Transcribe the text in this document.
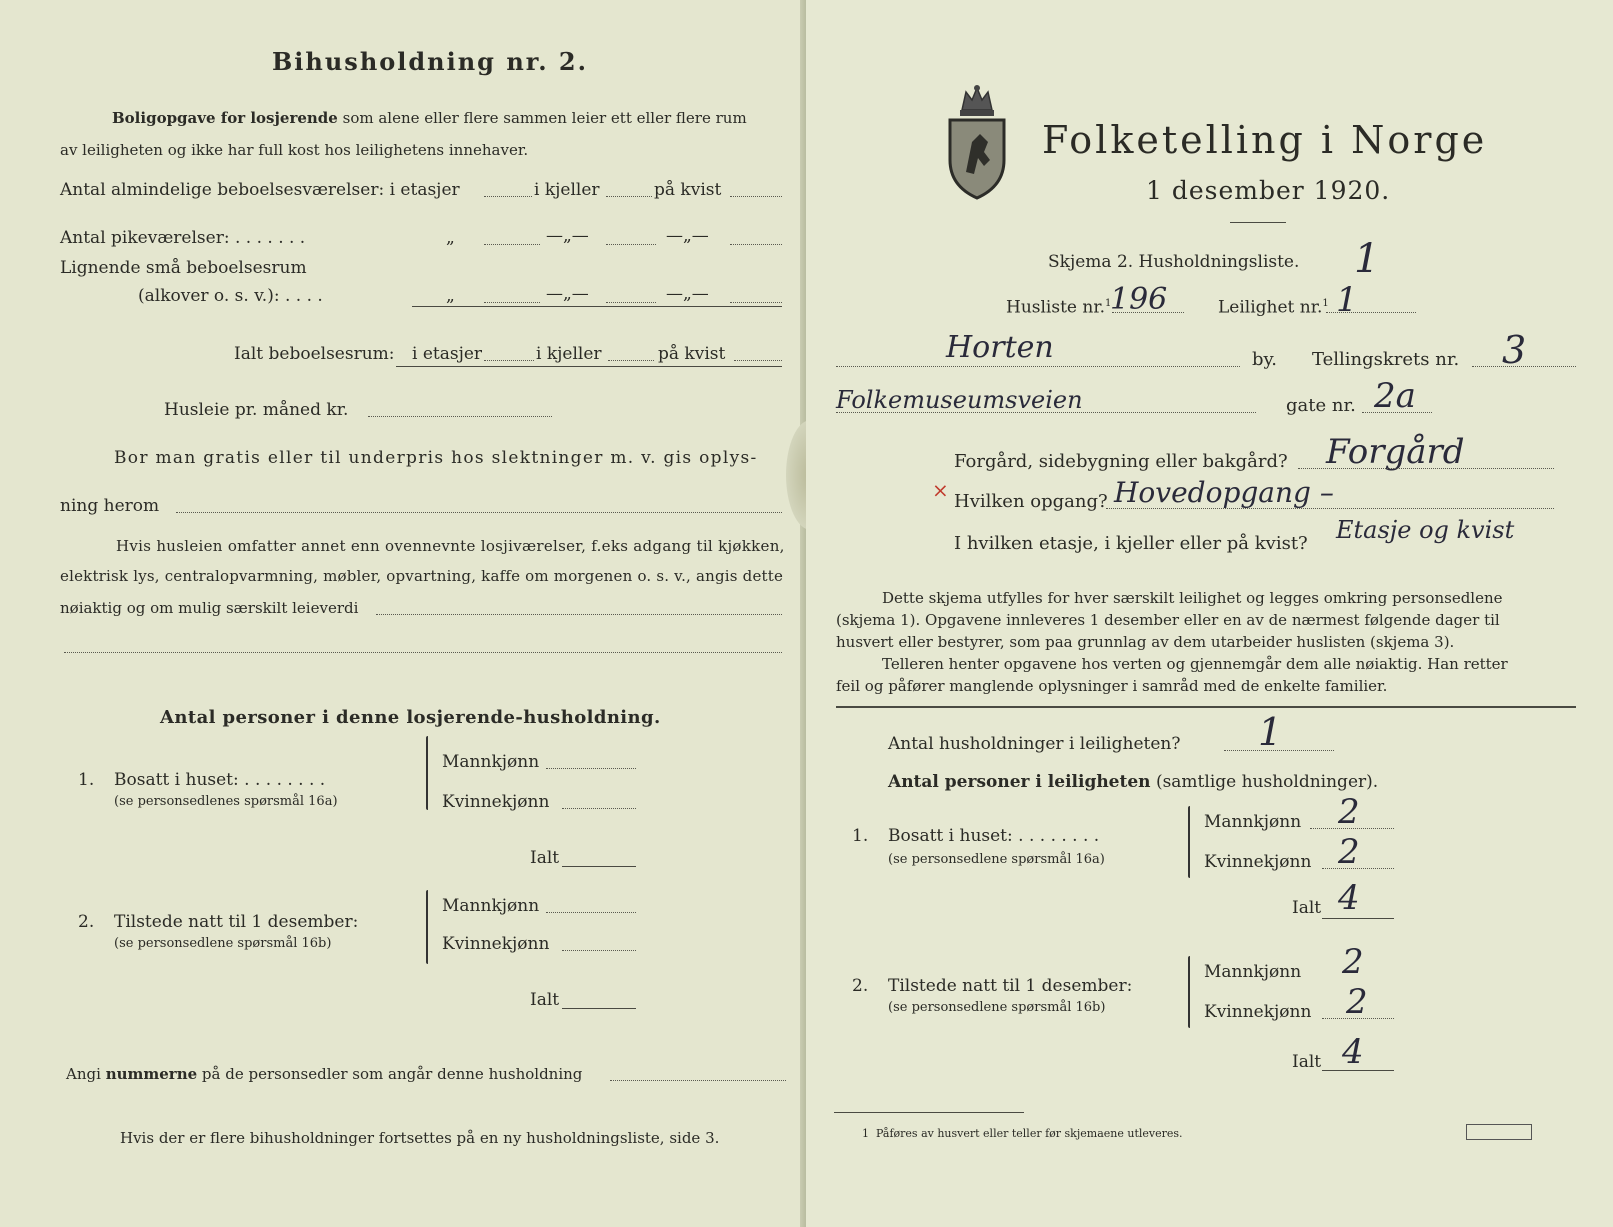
Bihusholdning nr. 2.
Boligopgave for losjerende som alene eller flere sammen leier ett eller flere rum
av leiligheten og ikke har full kost hos leilighetens innehaver.
Antal almindelige beboelsesværelser: i etasjer	i kjeller	på kvist
Antal pikeværelser: . . . . . . .	„	—„—	—„—
Lignende små beboelsesrum
(alkover o. s. v.): . . . .	„	—„—	—„—
Ialt beboelsesrum: i etasjer	i kjeller	på kvist
Husleie pr. måned kr.
Bor man gratis eller til underpris hos slektninger m. v. gis oplys-
ning herom
Hvis husleien omfatter annet enn ovennevnte losjiværelser, f.eks adgang til kjøkken,
elektrisk lys, centralopvarmning, møbler, opvartning, kaffe om morgenen o. s. v., angis dette
nøiaktig og om mulig særskilt leieverdi
Antal personer i denne losjerende-husholdning.
1. Bosatt i huset: . . . . . . . .
(se personsedlenes spørsmål 16a)
Mannkjønn
Kvinnekjønn
Ialt
2. Tilstede natt til 1 desember:
(se personsedlene spørsmål 16b)
Mannkjønn
Kvinnekjønn
Ialt
Angi nummerne på de personsedler som angår denne husholdning
Hvis der er flere bihusholdninger fortsettes på en ny husholdningsliste, side 3.
Folketelling i Norge
1 desember 1920.
Skjema 2. Husholdningsliste. 1
Husliste nr.$^1$
196	Leilighet nr.$^1$ 1
Horten	by. Tellingskrets nr. 3
Folkemuseumsveien	gate nr. 2a
Forgård, sidebygning eller bakgård? Forgård
× Hvilken opgang? Hovedopgang –
I hvilken etasje, i kjeller eller på kvist? Etasje og kvist
Dette skjema utfylles for hver særskilt leilighet og legges omkring personsedlene
(skjema 1). Opgavene innleveres 1 desember eller en av de nærmest følgende dager til
husvert eller bestyrer, som paa grunnlag av dem utarbeider huslisten (skjema 3).
Telleren henter opgavene hos verten og gjennemgår dem alle nøiaktig. Han retter
feil og påfører manglende oplysninger i samråd med de enkelte familier.
Antal husholdninger i leiligheten? 1
Antal personer i leiligheten (samtlige husholdninger).
1. Bosatt i huset: . . . . . . . .
(se personsedlene spørsmål 16a)
Mannkjønn 2
Kvinnekjønn 2
Ialt 4
2. Tilstede natt til 1 desember:
(se personsedlene spørsmål 16b)
Mannkjønn 2
Kvinnekjønn 2
Ialt 4
1 Påføres av husvert eller teller før skjemaene utleveres.
